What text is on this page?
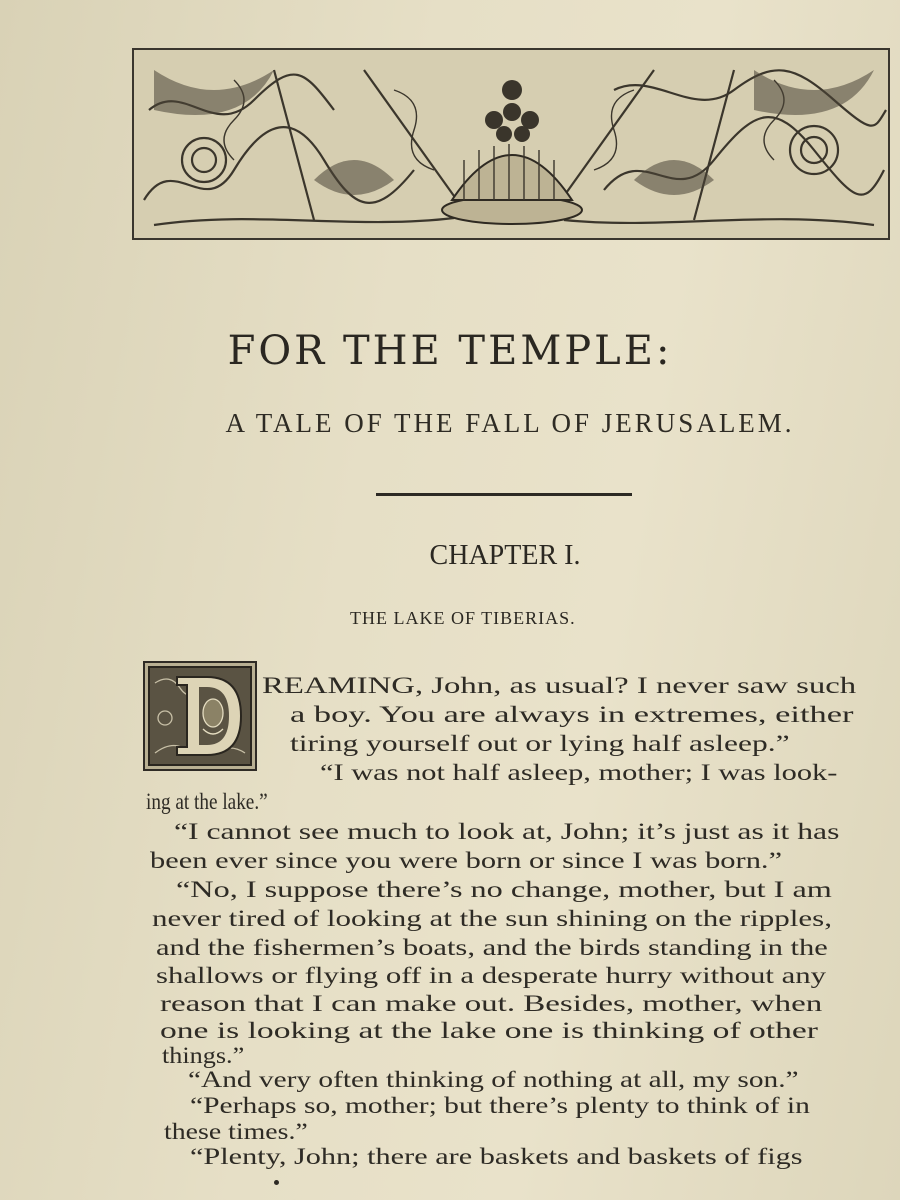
FOR THE TEMPLE:
A TALE OF THE FALL OF JERUSALEM.
CHAPTER I.
THE LAKE OF TIBERIAS.
REAMING, John, as usual? I never saw such
a boy. You are always in extremes, either
tiring yourself out or lying half asleep.”
“I was not half asleep, mother; I was look-
ing at the lake.”
“I cannot see much to look at, John; it’s just as it has
been ever since you were born or since I was born.”
“No, I suppose there’s no change, mother, but I am
never tired of looking at the sun shining on the ripples,
and the fishermen’s boats, and the birds standing in the
shallows or flying off in a desperate hurry without any
reason that I can make out. Besides, mother, when
one is looking at the lake one is thinking of other
things.”
“And very often thinking of nothing at all, my son.”
“Perhaps so, mother; but there’s plenty to think of in
these times.”
“Plenty, John; there are baskets and baskets of figs
